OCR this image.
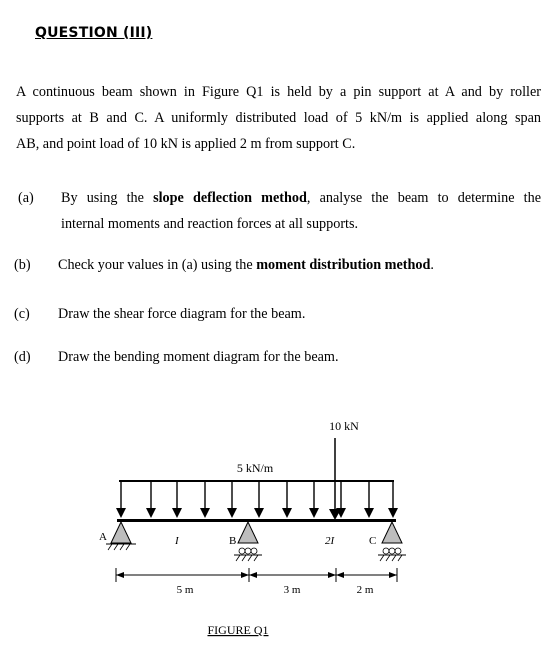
QUESTION (III)
A continuous beam shown in Figure Q1 is held by a pin support at A and by roller
supports at B and C. A uniformly distributed load of 5 kN/m is applied along span
AB, and point load of 10 kN is applied 2 m from support C.
(a) By using the slope deflection method, analyse the beam to determine the
internal moments and reaction forces at all supports.
(b) Check your values in (a) using the moment distribution method.
(c) Draw the shear force diagram for the beam.
(d) Draw the bending moment diagram for the beam.
10 kN
5 kN/m
A	B	C
I	2I
5 m	3 m	2 m
FIGURE Q1
